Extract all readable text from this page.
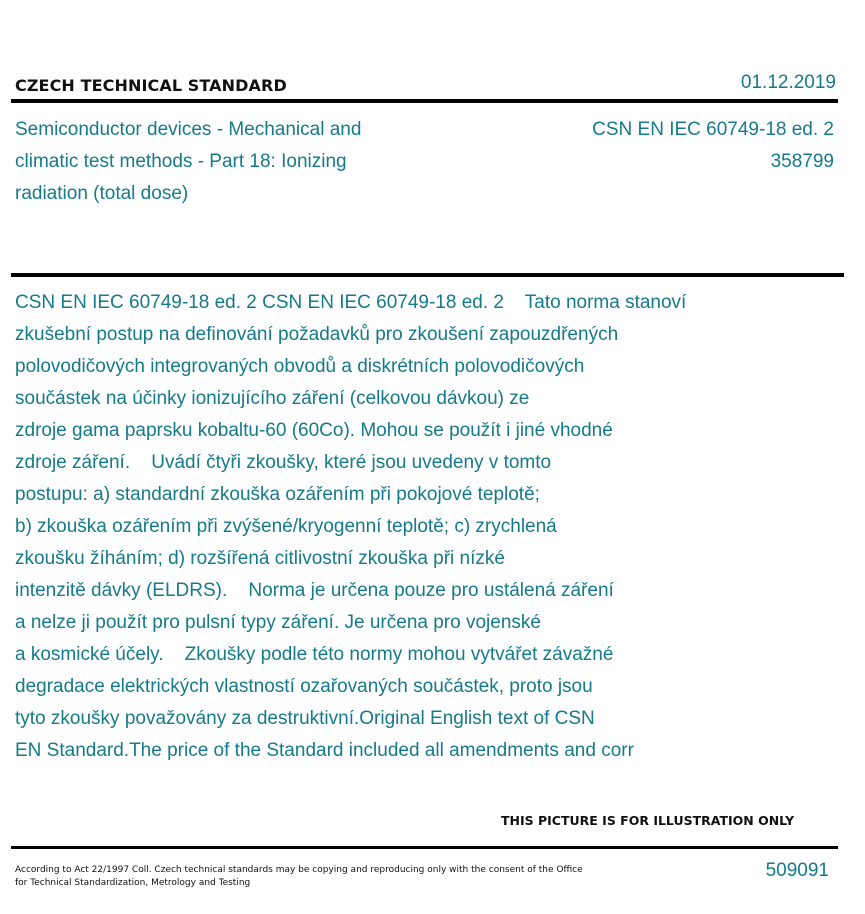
CZECH TECHNICAL STANDARD	01.12.2019
Semiconductor devices - Mechanical and
climatic test methods - Part 18: Ionizing
radiation (total dose)
CSN EN IEC 60749-18 ed. 2
358799
CSN EN IEC 60749-18 ed. 2 CSN EN IEC 60749-18 ed. 2    Tato norma stanoví
zkušební postup na definování požadavků pro zkoušení zapouzdřených
polovodičových integrovaných obvodů a diskrétních polovodičových
součástek na účinky ionizujícího záření (celkovou dávkou) ze
zdroje gama paprsku kobaltu-60 (60Co). Mohou se použít i jiné vhodné
zdroje záření.    Uvádí čtyři zkoušky, které jsou uvedeny v tomto
postupu: a) standardní zkouška ozářením při pokojové teplotě;
b) zkouška ozářením při zvýšené/kryogenní teplotě; c) zrychlená
zkoušku žíháním; d) rozšířená citlivostní zkouška při nízké
intenzitě dávky (ELDRS).    Norma je určena pouze pro ustálená záření
a nelze ji použít pro pulsní typy záření. Je určena pro vojenské
a kosmické účely.    Zkoušky podle této normy mohou vytvářet závažné
degradace elektrických vlastností ozařovaných součástek, proto jsou
tyto zkoušky považovány za destruktivní.Original English text of CSN
EN Standard.The price of the Standard included all amendments and corr
THIS PICTURE IS FOR ILLUSTRATION ONLY
According to Act 22/1997 Coll. Czech technical standards may be copying and reproducing only with the consent of the Office
for Technical Standardization, Metrology and Testing
509091
